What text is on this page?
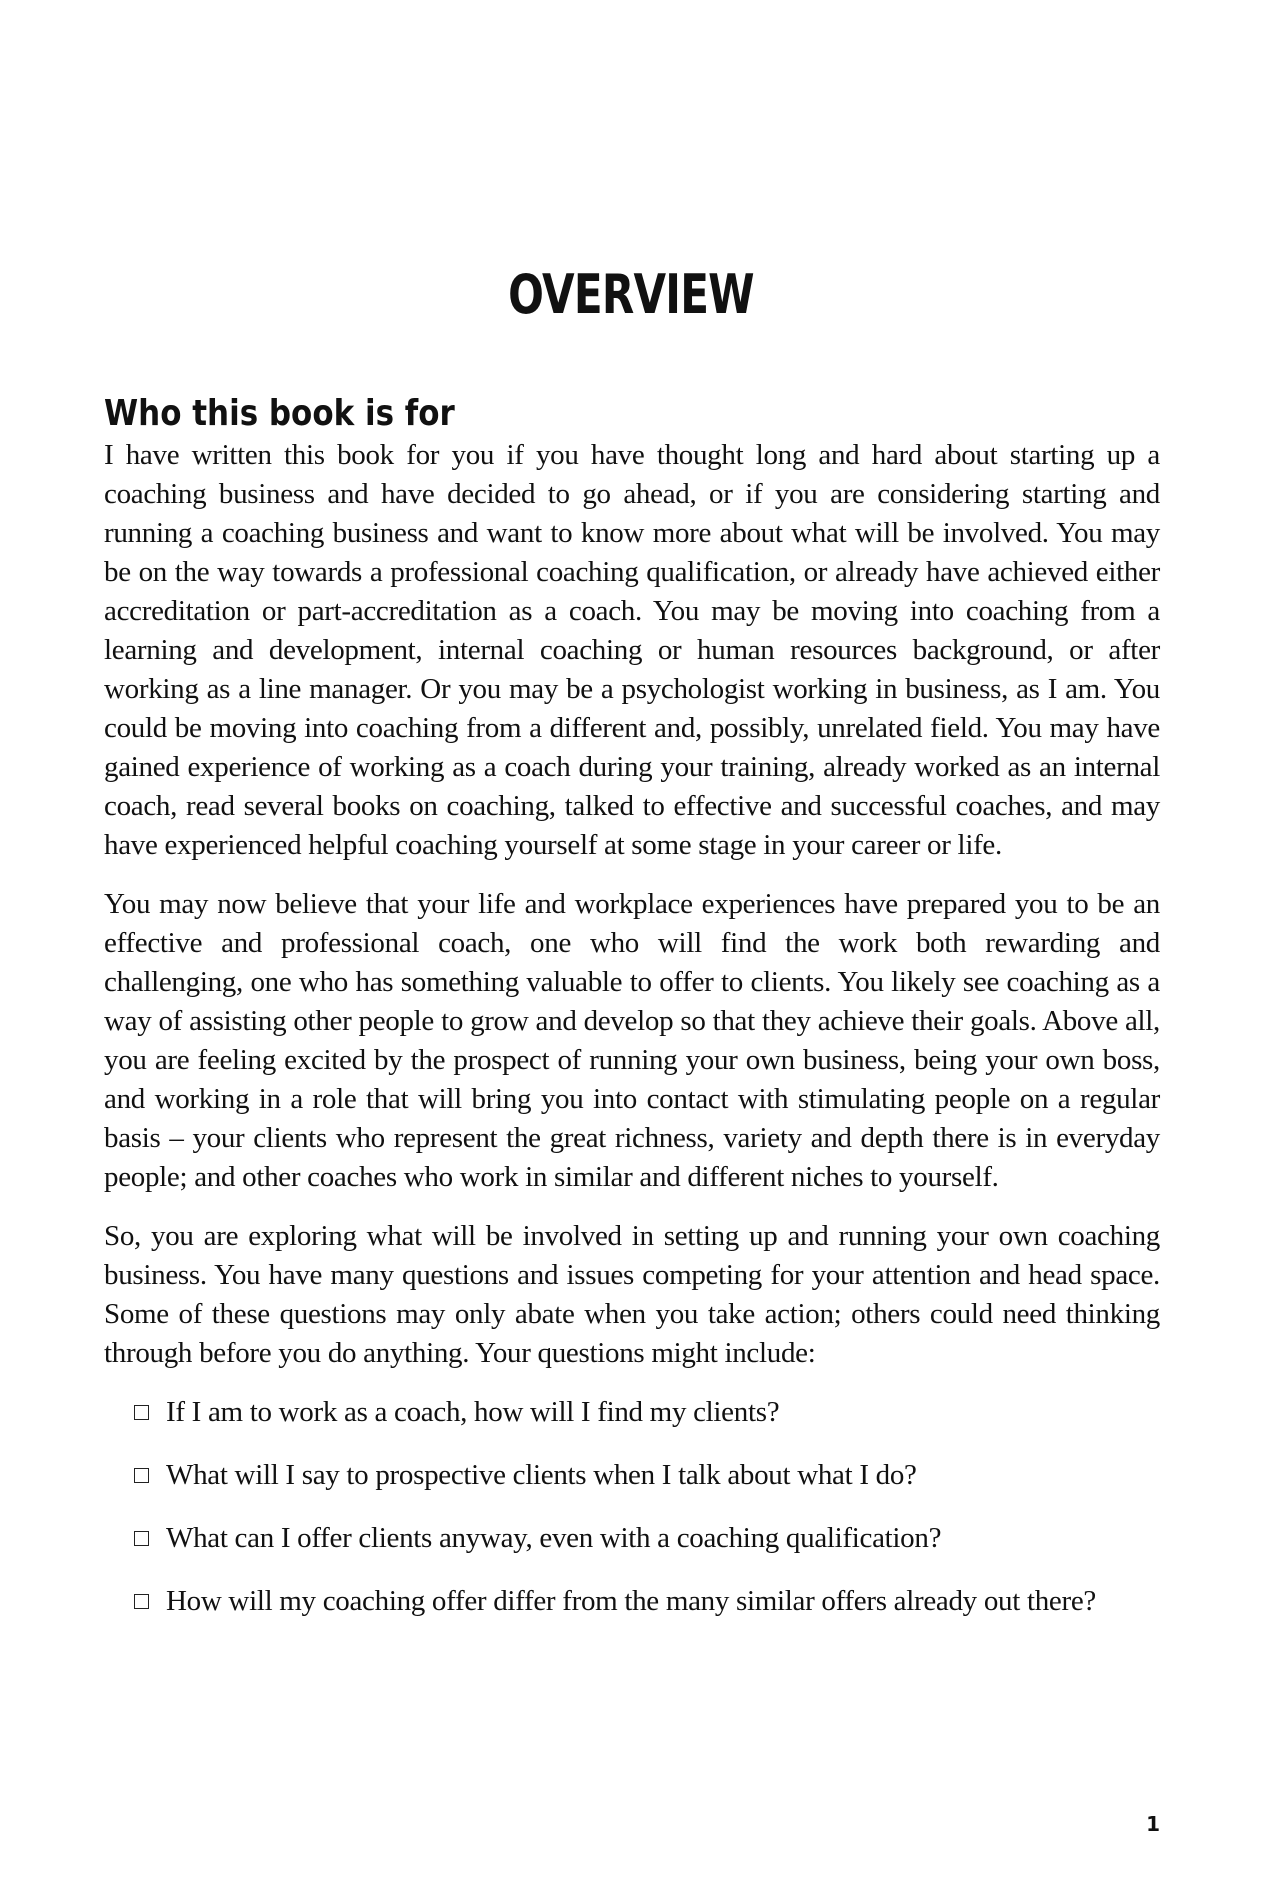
OVERVIEW
Who this book is for

I have written this book for you if you have thought long and hard about starting up a coaching business and have decided to go ahead, or if you are considering starting and running a coaching business and want to know more about what will be involved. You may be on the way towards a professional coaching qualification, or already have achieved either accreditation or part-accreditation as a coach. You may be moving into coaching from a learning and development, internal coaching or human resources background, or after working as a line manager. Or you may be a psychologist working in business, as I am. You could be moving into coaching from a different and, possibly, unrelated field. You may have gained experience of working as a coach during your training, already worked as an internal coach, read several books on coaching, talked to effective and successful coaches, and may have experienced helpful coaching yourself at some stage in your career or life.

You may now believe that your life and workplace experiences have prepared you to be an effective and professional coach, one who will find the work both rewarding and challenging, one who has something valuable to offer to clients. You likely see coaching as a way of assisting other people to grow and develop so that they achieve their goals. Above all, you are feeling excited by the prospect of running your own business, being your own boss, and working in a role that will bring you into contact with stimulating people on a regular basis – your clients who represent the great richness, variety and depth there is in everyday people; and other coaches who work in similar and different niches to yourself.

So, you are exploring what will be involved in setting up and running your own coaching business. You have many questions and issues competing for your attention and head space. Some of these questions may only abate when you take action; others could need thinking through before you do anything. Your questions might include:

If I am to work as a coach, how will I find my clients?
What will I say to prospective clients when I talk about what I do?
What can I offer clients anyway, even with a coaching qualification?
How will my coaching offer differ from the many similar offers already out there?
1
